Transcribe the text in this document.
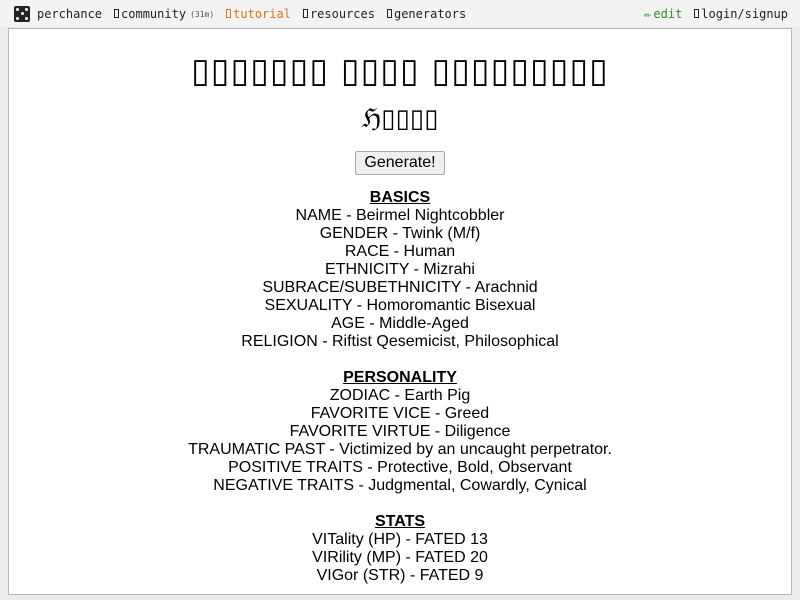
perchance community (31m) tutorial resources generators	✏ edit login/signup
▯▯▯▯▯▯▯ ▯▯▯▯ ▯▯▯▯▯▯▯▯▯
ℌ▯▯▯▯
Generate!
BASICS
NAME - Beirmel Nightcobbler
GENDER - Twink (M/f)
RACE - Human
ETHNICITY - Mizrahi
SUBRACE/SUBETHNICITY - Arachnid
SEXUALITY - Homoromantic Bisexual
AGE - Middle-Aged
RELIGION - Riftist Qesemicist, Philosophical
PERSONALITY
ZODIAC - Earth Pig
FAVORITE VICE - Greed
FAVORITE VIRTUE - Diligence
TRAUMATIC PAST - Victimized by an uncaught perpetrator.
POSITIVE TRAITS - Protective, Bold, Observant
NEGATIVE TRAITS - Judgmental, Cowardly, Cynical
STATS
VITality (HP) - FATED 13
VIRility (MP) - FATED 20
VIGor (STR) - FATED 9
